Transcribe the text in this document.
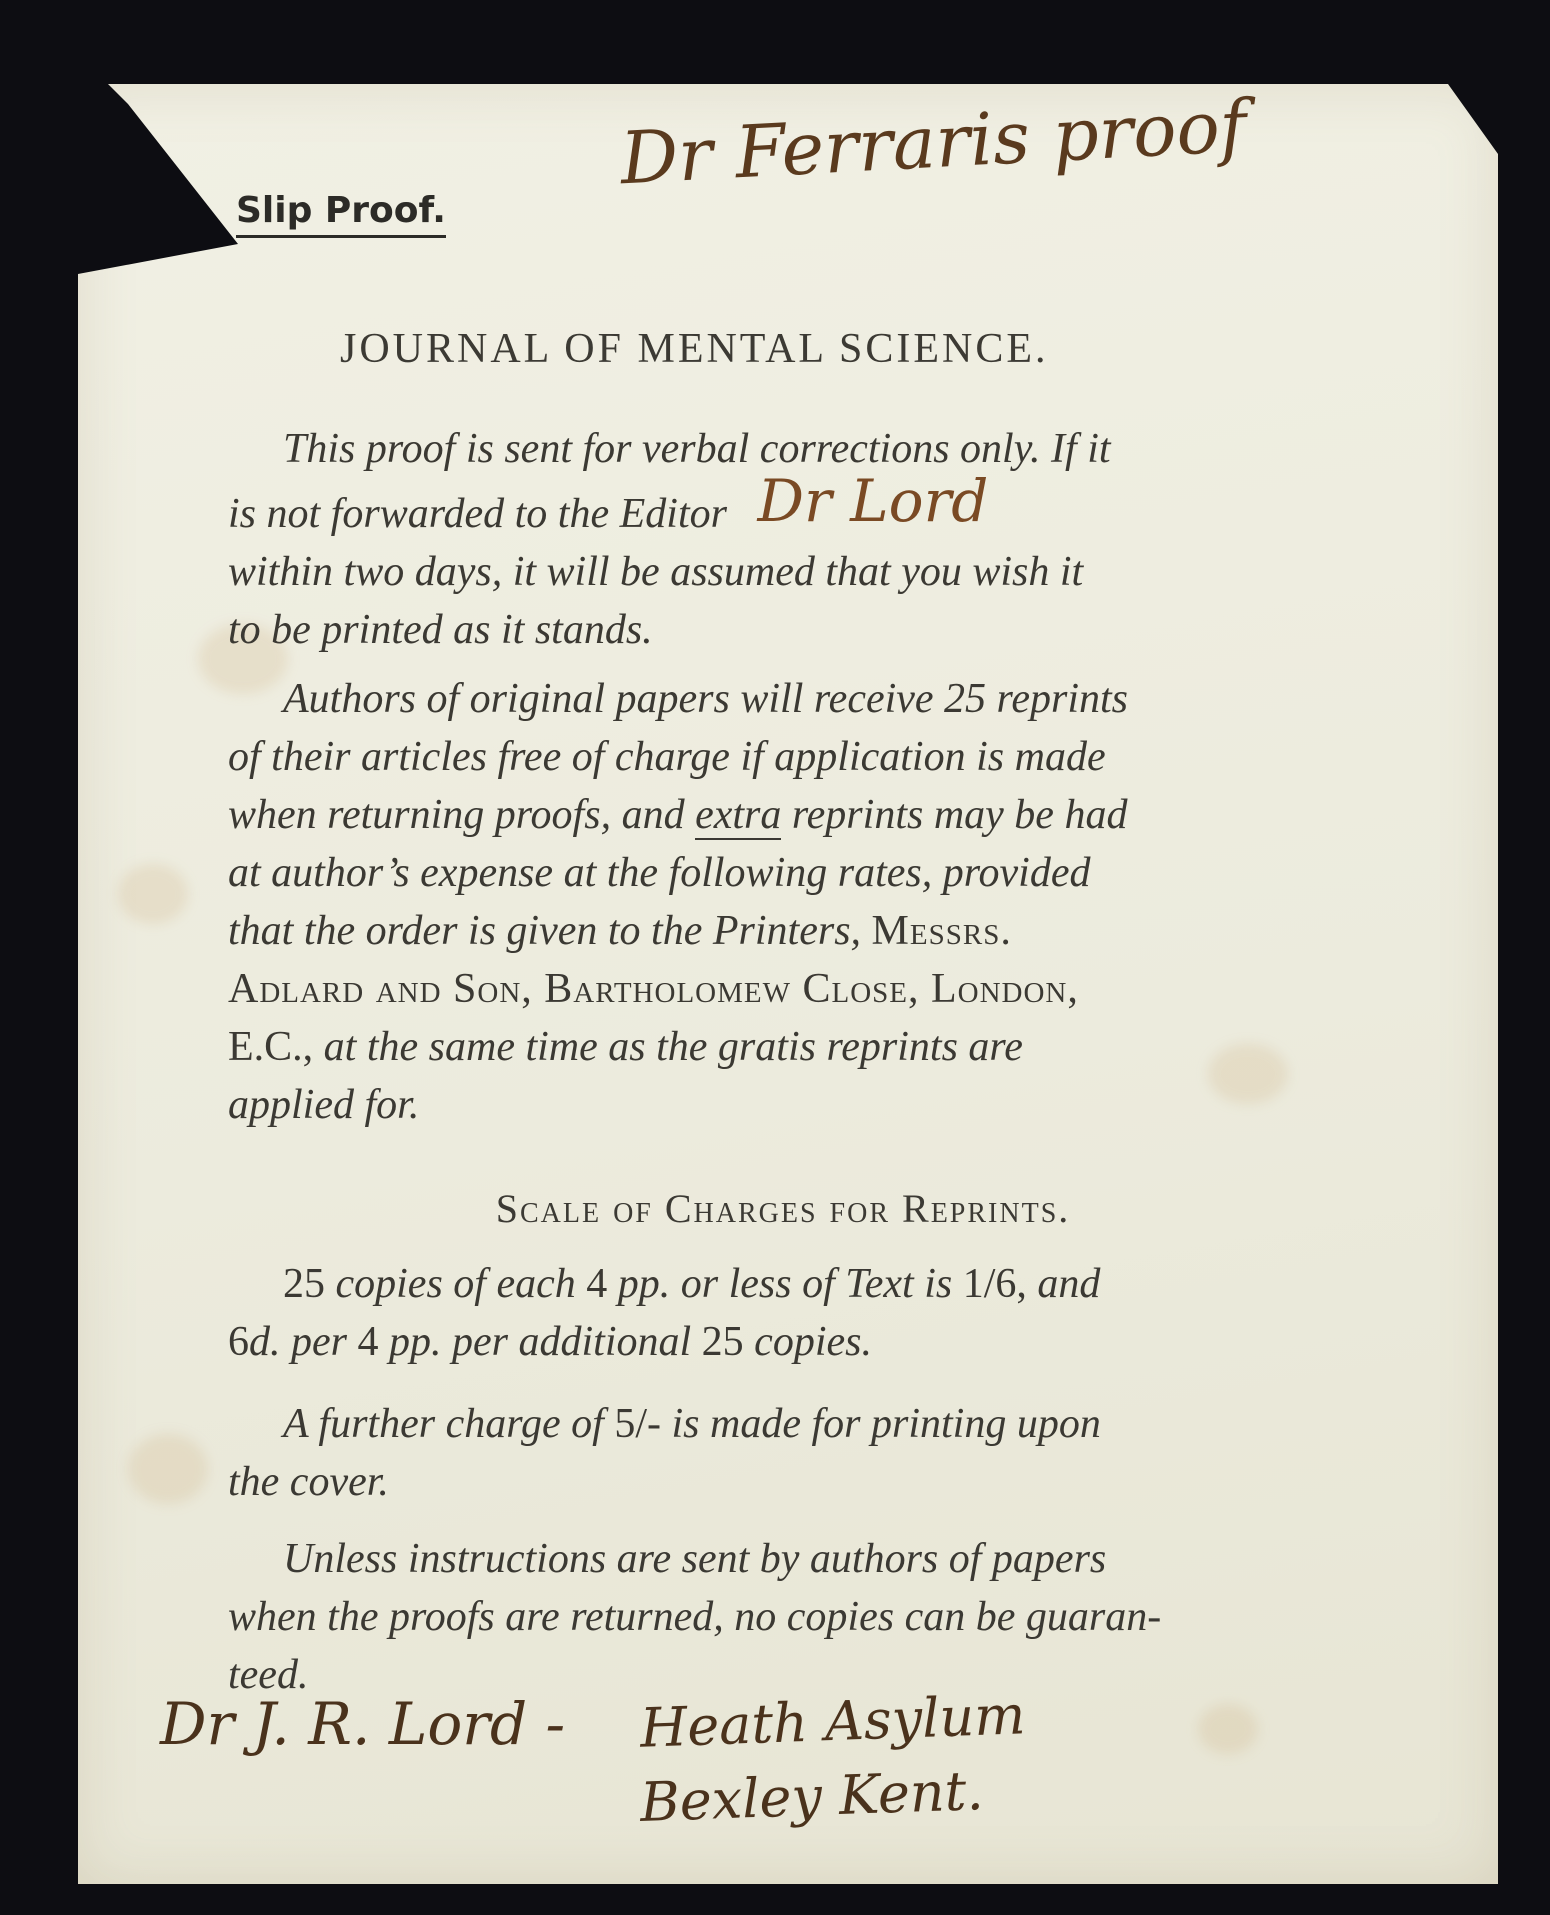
Slip Proof.
Dr Ferraris proof
JOURNAL OF MENTAL SCIENCE.
This proof is sent for verbal corrections only. If it
is not forwarded to the Editor Dr Lord
within two days, it will be assumed that you wish it
to be printed as it stands.
Authors of original papers will receive 25 reprints
of their articles free of charge if application is made
when returning proofs, and extra reprints may be had
at author’s expense at the following rates, provided
that the order is given to the Printers, Messrs.
Adlard and Son, Bartholomew Close, London,
E.C., at the same time as the gratis reprints are
applied for.
Scale of Charges for Reprints.
25 copies of each 4 pp. or less of Text is 1/6, and
6d. per 4 pp. per additional 25 copies.
A further charge of 5/- is made for printing upon
the cover.
Unless instructions are sent by authors of papers
when the proofs are returned, no copies can be guaran-
teed.
Dr J. R. Lord - Heath Asylum
Bexley Kent.
